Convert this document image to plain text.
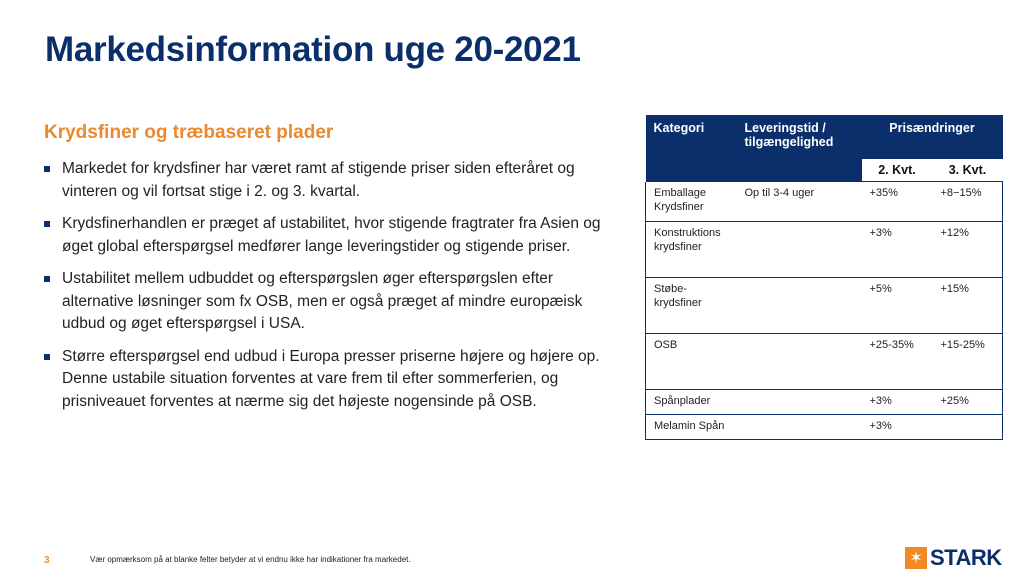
Markedsinformation uge 20-2021
Krydsfiner og træbaseret plader
Markedet for krydsfiner har været ramt af stigende priser siden efteråret og vinteren og vil fortsat stige i 2. og 3. kvartal.
Krydsfinerhandlen er præget af ustabilitet, hvor stigende fragtrater fra Asien og øget global efterspørgsel medfører lange leveringstider og stigende priser.
Ustabilitet mellem udbuddet og efterspørgslen øger efterspørgslen efter alternative løsninger som fx OSB, men er også præget af mindre europæisk udbud og øget efterspørgsel i USA.
Større efterspørgsel end udbud i Europa presser priserne højere og højere op. Denne ustabile situation forventes at vare frem til efter sommerferien, og prisniveauet forventes at nærme sig det højeste nogensinde på OSB.
Kategori	Leveringstid / tilgængelighed	Prisændringer	
		2. Kvt.	3. Kvt.
Emballage Krydsfiner	Op til 3-4 uger	+35%	+8−15%
Konstruktions krydsfiner		+3%	+12%
Støbe-krydsfiner		+5%	+15%
OSB		+25-35%	+15-25%
Spånplader		+3%	+25%
Melamin Spån		+3%	
3	Vær opmærksom på at blanke felter betyder at vi endnu ikke har indikationer fra markedet.	✶ STARK
